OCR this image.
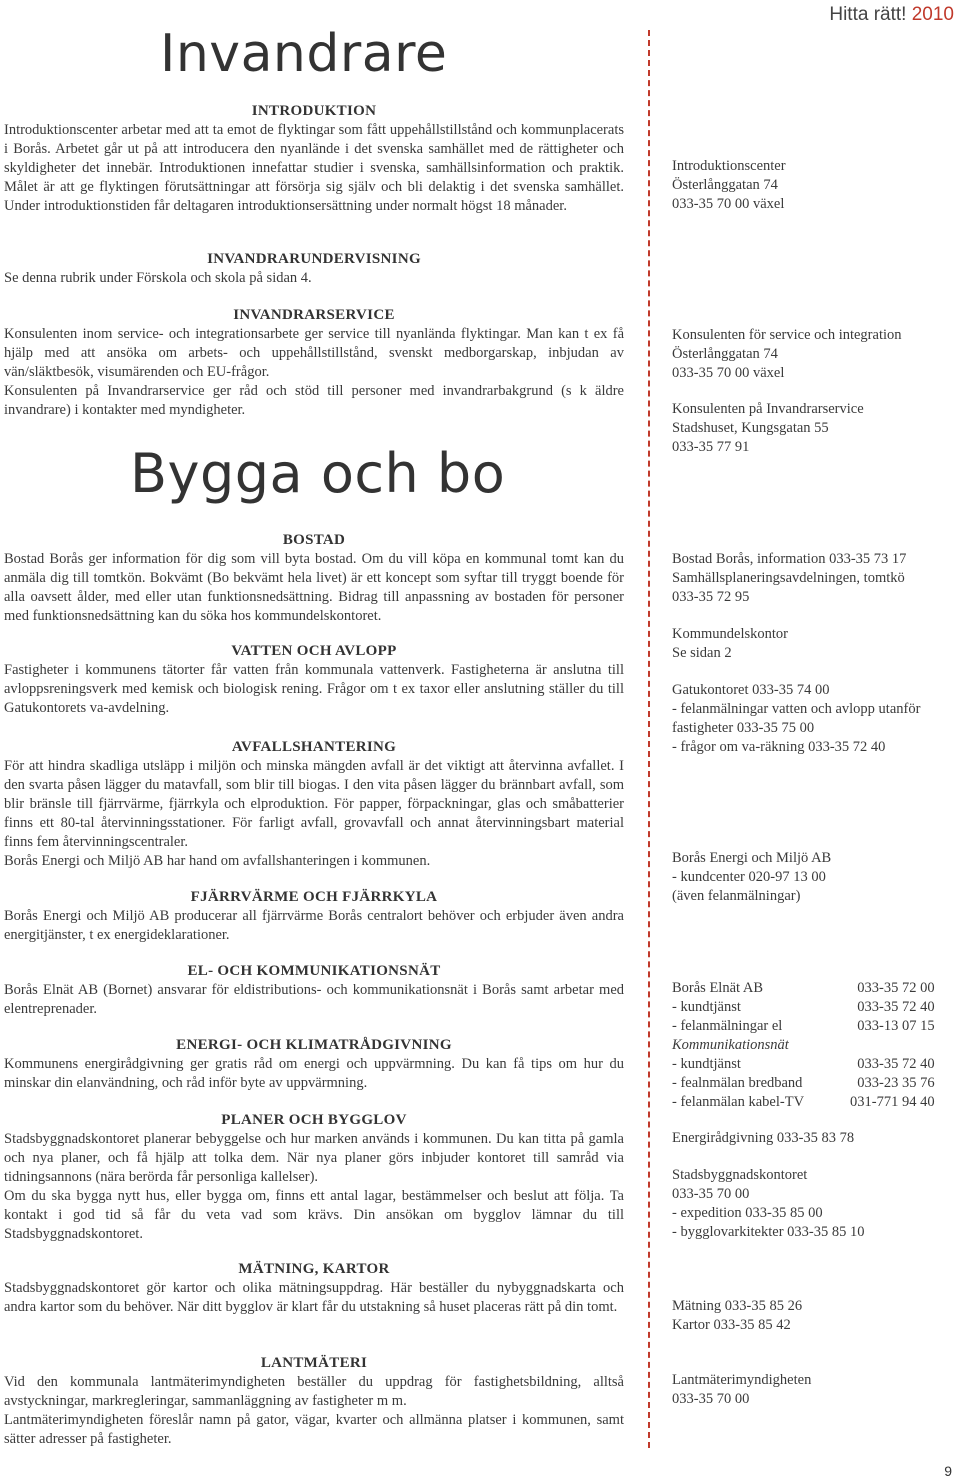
Invandrare
Hitta rätt! 2010
INTRODUKTION

Introduktionscenter arbetar med att ta emot de flyktingar som fått uppehållstillstånd och kommunplacerats i Borås. Arbetet går ut på att introducera den nyanlände i det svenska samhället med de rättigheter och skyldigheter det innebär. Introduktionen innefattar studier i svenska, samhällsinformation och praktik. Målet är att ge flyktingen förutsättningar att försörja sig själv och bli delaktig i det svenska samhället. Under introduktionstiden får deltagaren introduktionsersättning under normalt högst 18 månader.

INVANDRARUNDERVISNING

Se denna rubrik under Förskola och skola på sidan 4.

INVANDRARSERVICE

Konsulenten inom service- och integrationsarbete ger service till nyanlända flyktingar. Man kan t ex få hjälp med att ansöka om arbets- och uppehållstillstånd, svenskt medborgarskap, inbjudan av vän/släktbesök, visumärenden och EU-frågor.

Konsulenten på Invandrarservice ger råd och stöd till personer med invandrarbakgrund (s k äldre invandrare) i kontakter med myndigheter.

Bygga och bo
BOSTAD

Bostad Borås ger information för dig som vill byta bostad. Om du vill köpa en kommunal tomt kan du anmäla dig till tomtkön. Bokvämt (Bo bekvämt hela livet) är ett koncept som syftar till tryggt boende för alla oavsett ålder, med eller utan funktionsnedsättning. Bidrag till anpassning av bostaden för personer med funktionsnedsättning kan du söka hos kommundelskontoret.

VATTEN OCH AVLOPP

Fastigheter i kommunens tätorter får vatten från kommunala vattenverk. Fastigheterna är anslutna till avloppsreningsverk med kemisk och biologisk rening. Frågor om t ex taxor eller anslutning ställer du till Gatukontorets va-avdelning.

AVFALLSHANTERING

För att hindra skadliga utsläpp i miljön och minska mängden avfall är det viktigt att återvinna avfallet. I den svarta påsen lägger du matavfall, som blir till biogas. I den vita påsen lägger du brännbart avfall, som blir bränsle till fjärrvärme, fjärrkyla och elproduktion. För papper, förpackningar, glas och småbatterier finns ett 80-tal återvinningsstationer. För farligt avfall, grovavfall och annat återvinningsbart material finns fem återvinningscentraler.

Borås Energi och Miljö AB har hand om avfallshanteringen i kommunen.

FJÄRRVÄRME OCH FJÄRRKYLA

Borås Energi och Miljö AB producerar all fjärrvärme Borås centralort behöver och erbjuder även andra energitjänster, t ex energideklarationer.

EL- OCH KOMMUNIKATIONSNÄT

Borås Elnät AB (Bornet) ansvarar för eldistributions- och kommunikationsnät i Borås samt arbetar med elentreprenader.

ENERGI- OCH KLIMATRÅDGIVNING

Kommunens energirådgivning ger gratis råd om energi och uppvärmning. Du kan få tips om hur du minskar din elanvändning, och råd inför byte av uppvärmning.

PLANER OCH BYGGLOV

Stadsbyggnadskontoret planerar bebyggelse och hur marken används i kommunen. Du kan titta på gamla och nya planer, och få hjälp att tolka dem. När nya planer görs inbjuder kontoret till samråd via tidningsannons (nära berörda får personliga kallelser).

Om du ska bygga nytt hus, eller bygga om, finns ett antal lagar, bestämmelser och beslut att följa. Ta kontakt i god tid så får du veta vad som krävs. Din ansökan om bygglov lämnar du till Stadsbyggnadskontoret.

MÄTNING, KARTOR

Stadsbyggnadskontoret gör kartor och olika mätningsuppdrag. Här beställer du nybyggnadskarta och andra kartor som du behöver. När ditt bygglov är klart får du utstakning så huset placeras rätt på din tomt.

LANTMÄTERI

Vid den kommunala lantmäterimyndigheten beställer du uppdrag för fastighetsbildning, alltså avstyckningar, markregleringar, sammanläggning av fastigheter m m.

Lantmäterimyndigheten föreslår namn på gator, vägar, kvarter och allmänna platser i kommunen, samt sätter adresser på fastigheter.

Introduktionscenter
Österlånggatan 74
033-35 70 00 växel
Konsulenten för service och integration
Österlånggatan 74
033-35 70 00 växel
Konsulenten på Invandrarservice
Stadshuset, Kungsgatan 55
033-35 77 91
Bostad Borås, information 033-35 73 17
Samhällsplaneringsavdelningen, tomtkö
033-35 72 95
Kommundelskontor
Se sidan 2
Gatukontoret 033-35 74 00
- felanmälningar vatten och avlopp utanför
fastigheter 033-35 75 00
- frågor om va-räkning 033-35 72 40
Borås Energi och Miljö AB
- kundcenter 020-97 13 00
(även felanmälningar)
Borås Elnät AB	033-35 72 00
- kundtjänst	033-35 72 40
- felanmälningar el	033-13 07 15
Kommunikationsnät	
- kundtjänst	033-35 72 40
- fealnmälan bredband	033-23 35 76
- felanmälan kabel-TV	031-771 94 40
Energirådgivning 033-35 83 78
Stadsbyggnadskontoret
033-35 70 00
- expedition 033-35 85 00
- bygglovarkitekter 033-35 85 10
Mätning 033-35 85 26
Kartor 033-35 85 42
Lantmäterimyndigheten
033-35 70 00
9
